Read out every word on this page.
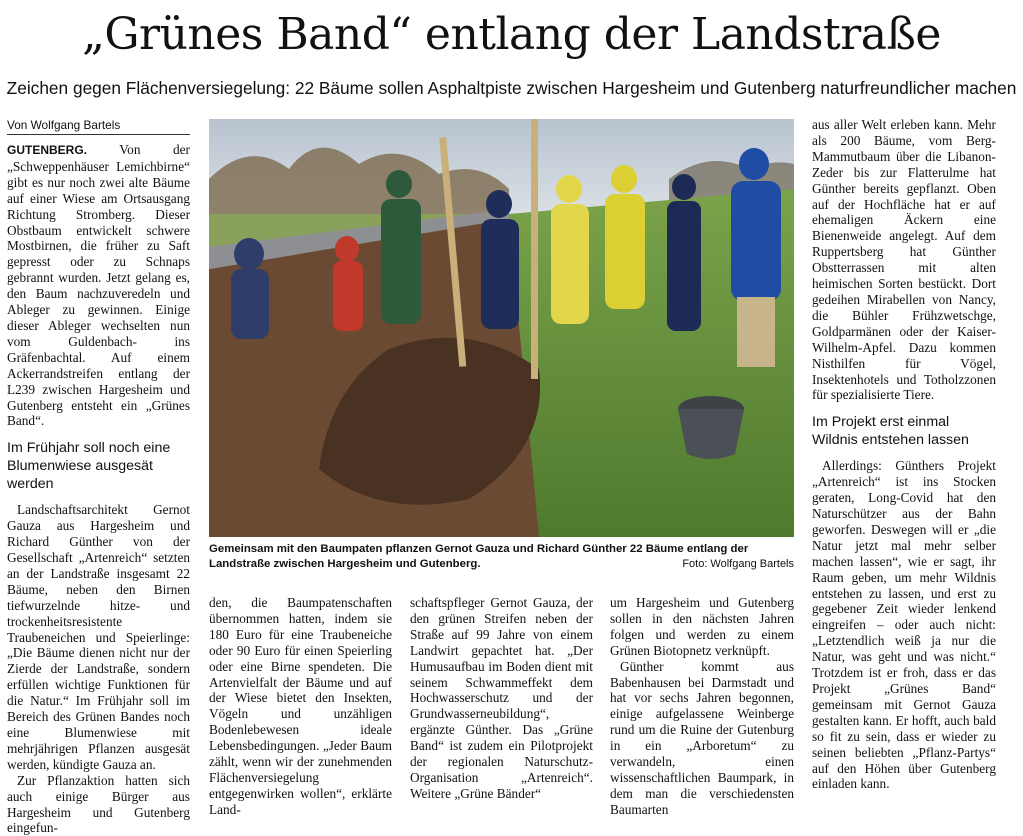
„Grünes Band“ entlang der Landstraße
Zeichen gegen Flächenversiegelung: 22 Bäume sollen Asphaltpiste zwischen Hargesheim und Gutenberg naturfreundlicher machen
Von Wolfgang Bartels

GUTENBERG. Von der „Schweppenhäuser Lemichbirne“ gibt es nur noch zwei alte Bäume auf einer Wiese am Ortsausgang Richtung Stromberg. Dieser Obstbaum entwickelt schwere Mostbirnen, die früher zu Saft gepresst oder zu Schnaps gebrannt wurden. Jetzt gelang es, den Baum nachzuveredeln und Ableger zu gewinnen. Einige dieser Ableger wechselten nun vom Guldenbach- ins Gräfenbachtal. Auf einem Ackerrandstreifen entlang der L239 zwischen Hargesheim und Gutenberg entsteht ein „Grünes Band“.

Im Frühjahr soll noch eine Blumenwiese ausgesät werden

Landschaftsarchitekt Gernot Gauza aus Hargesheim und Richard Günther von der Gesellschaft „Artenreich“ setzten an der Landstraße insgesamt 22 Bäume, neben den Birnen tiefwurzelnde hitze- und trockenheitsresistente Traubeneichen und Speierlinge: „Die Bäume dienen nicht nur der Zierde der Landstraße, sondern erfüllen wichtige Funktionen für die Natur.“ Im Frühjahr soll im Bereich des Grünen Bandes noch eine Blumenwiese mit mehrjährigen Pflanzen ausgesät werden, kündigte Gauza an.

Zur Pflanzaktion hatten sich auch einige Bürger aus Hargesheim und Gutenberg eingefun-

Gemeinsam mit den Baumpaten pflanzen Gernot Gauza und Richard Günther 22 Bäume entlang der Landstraße zwischen Hargesheim und Gutenberg.	Foto: Wolfgang Bartels

den, die Baumpatenschaften übernommen hatten, indem sie 180 Euro für eine Traubeneiche oder 90 Euro für einen Speierling oder eine Birne spendeten. Die Artenvielfalt der Bäume und auf der Wiese bietet den Insekten, Vögeln und unzähligen Bodenlebewesen ideale Lebensbedingungen. „Jeder Baum zählt, wenn wir der zunehmenden Flächenversiegelung entgegenwirken wollen“, erklärte Land-

schaftspfleger Gernot Gauza, der den grünen Streifen neben der Straße auf 99 Jahre von einem Landwirt gepachtet hat. „Der Humusaufbau im Boden dient mit seinem Schwammeffekt dem Hochwasserschutz und der Grundwasserneubildung“, ergänzte Günther. Das „Grüne Band“ ist zudem ein Pilotprojekt der regionalen Naturschutz-Organisation „Artenreich“. Weitere „Grüne Bänder“

um Hargesheim und Gutenberg sollen in den nächsten Jahren folgen und werden zu einem Grünen Biotopnetz verknüpft.

Günther kommt aus Babenhausen bei Darmstadt und hat vor sechs Jahren begonnen, einige aufgelassene Weinberge rund um die Ruine der Gutenburg in ein „Arboretum“ zu verwandeln, einen wissenschaftlichen Baumpark, in dem man die verschiedensten Baumarten

aus aller Welt erleben kann. Mehr als 200 Bäume, vom Berg-Mammutbaum über die Libanon-Zeder bis zur Flatterulme hat Günther bereits gepflanzt. Oben auf der Hochfläche hat er auf ehemaligen Äckern eine Bienenweide angelegt. Auf dem Ruppertsberg hat Günther Obstterrassen mit alten heimischen Sorten bestückt. Dort gedeihen Mirabellen von Nancy, die Bühler Frühzwetschge, Goldparmänen oder der Kaiser-Wilhelm-Apfel. Dazu kommen Nisthilfen für Vögel, Insektenhotels und Totholzzonen für spezialisierte Tiere.

Im Projekt erst einmal Wildnis entstehen lassen

Allerdings: Günthers Projekt „Artenreich“ ist ins Stocken geraten, Long-Covid hat den Naturschützer aus der Bahn geworfen. Deswegen will er „die Natur jetzt mal mehr selber machen lassen“, wie er sagt, ihr Raum geben, um mehr Wildnis entstehen zu lassen, und erst zu gegebener Zeit wieder lenkend eingreifen – oder auch nicht: „Letztendlich weiß ja nur die Natur, was geht und was nicht.“ Trotzdem ist er froh, dass er das Projekt „Grünes Band“ gemeinsam mit Gernot Gauza gestalten kann. Er hofft, auch bald so fit zu sein, dass er wieder zu seinen beliebten „Pflanz-Partys“ auf den Höhen über Gutenberg einladen kann.
